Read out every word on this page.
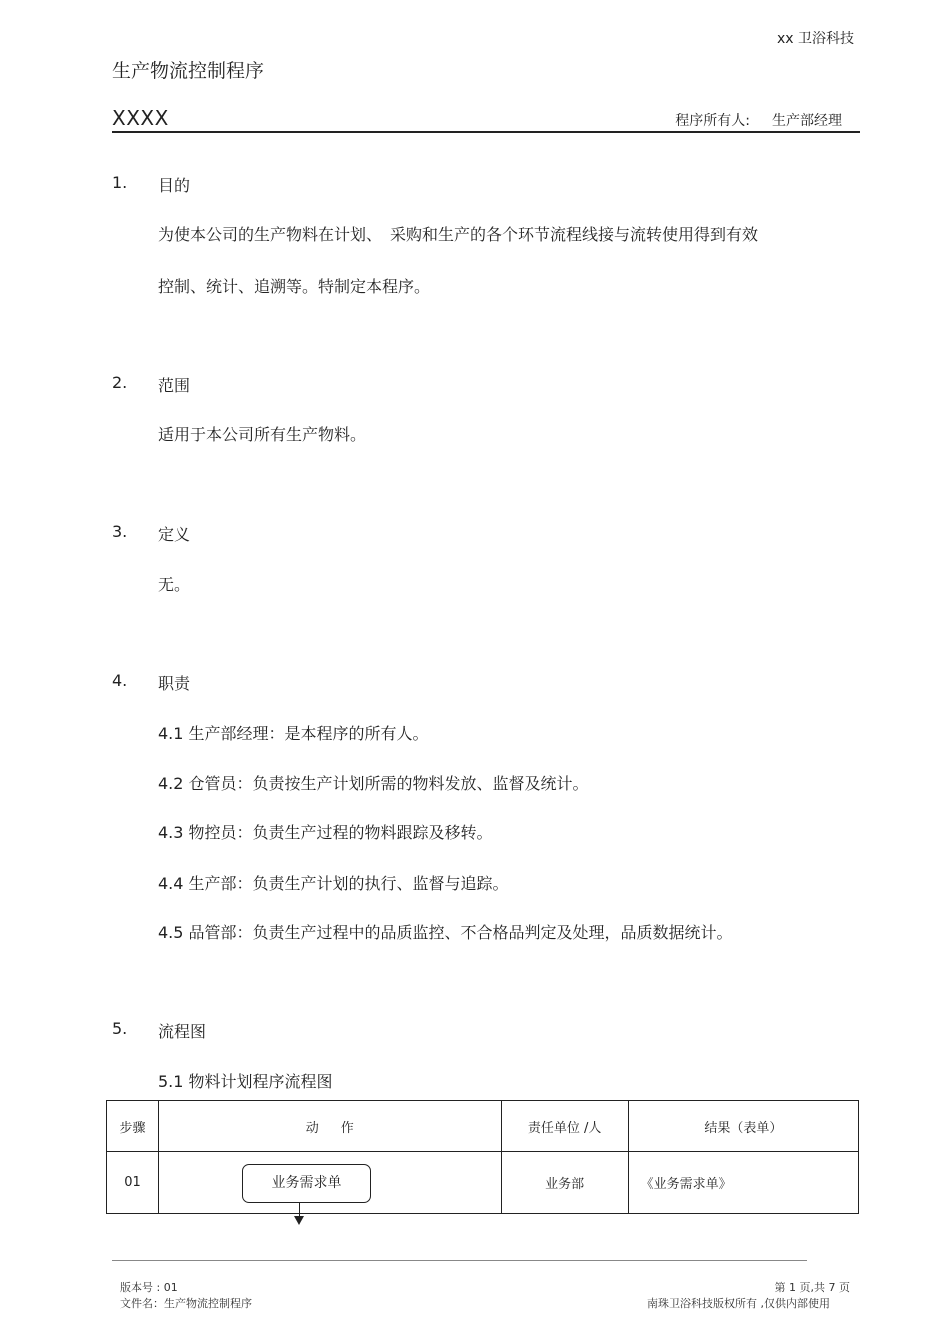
xx 卫浴科技
生产物流控制程序
XXXX	程序所有人: 生产部经理
1. 目的
为使本公司的生产物料在计划、　采购和生产的各个环节流程线接与流转使用得到有效
控制、统计、追溯等。特制定本程序。
2. 范围
适用于本公司所有生产物料。
3. 定义
无。
4. 职责
4.1 生产部经理：是本程序的所有人。
4.2 仓管员：负责按生产计划所需的物料发放、监督及统计。
4.3 物控员：负责生产过程的物料跟踪及移转。
4.4 生产部：负责生产计划的执行、监督与追踪。
4.5 品管部：负责生产过程中的品质监控、不合格品判定及处理，品质数据统计。
5. 流程图
5.1 物料计划程序流程图
步骤	动 作	责任单位 /人	结果（表单）
01		业务部	《业务需求单》
业务需求单
版本号 : 01
文件名：生产物流控制程序
第 1 页,共 7 页
南珠卫浴科技版权所有 ,仅供内部使用
